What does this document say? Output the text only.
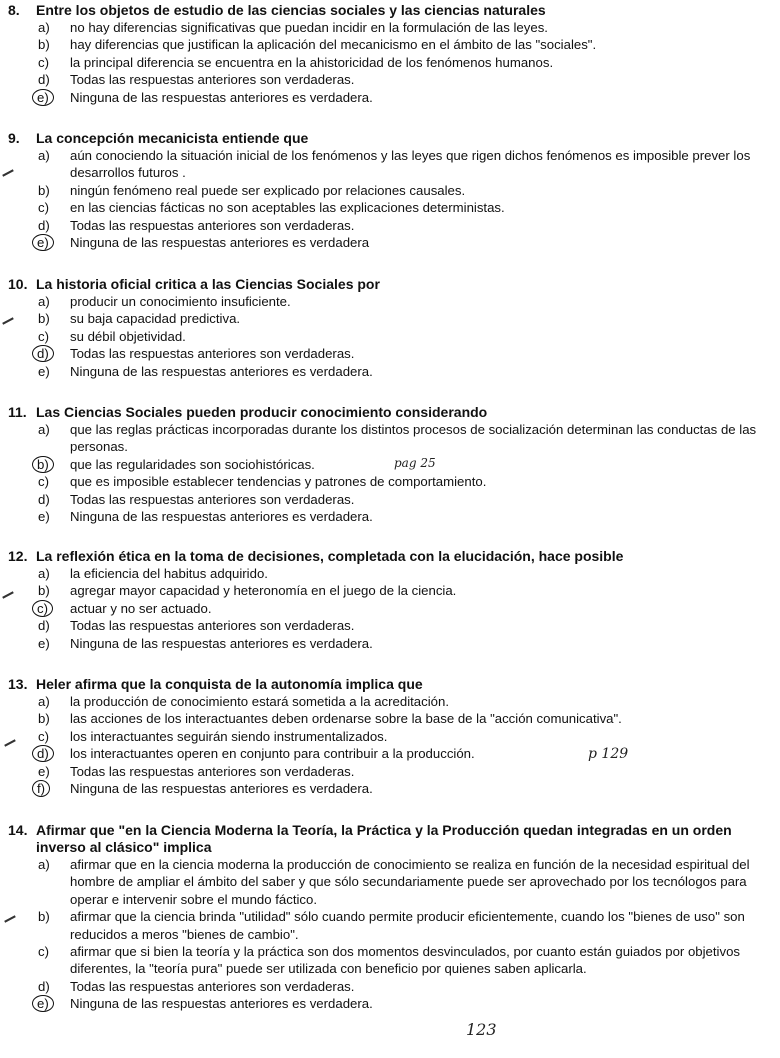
8.	Entre los objetos de estudio de las ciencias sociales y las ciencias naturales
a)	no hay diferencias significativas que puedan incidir en la formulación de las leyes.
b)	hay diferencias que justifican la aplicación del mecanicismo en el ámbito de las "sociales".
c)	la principal diferencia se encuentra en la ahistoricidad de los fenómenos humanos.
d)	Todas las respuestas anteriores son verdaderas.
e)	Ninguna de las respuestas anteriores es verdadera.
9.	La concepción mecanicista entiende que
a)	aún conociendo la situación inicial de los fenómenos y las leyes que rigen dichos fenómenos es imposible prever los desarrollos futuros .
b)	ningún fenómeno real puede ser explicado por relaciones causales.
c)	en las ciencias fácticas no son aceptables las explicaciones deterministas.
d)	Todas las respuestas anteriores son verdaderas.
e)	Ninguna de las respuestas anteriores es verdadera
10. La historia oficial critica a las Ciencias Sociales por
a)	producir un conocimiento insuficiente.
b)	su baja capacidad predictiva.
c)	su débil objetividad.
d)	Todas las respuestas anteriores son verdaderas.
e)	Ninguna de las respuestas anteriores es verdadera.
11. Las Ciencias Sociales pueden producir conocimiento considerando
a)	que las reglas prácticas incorporadas durante los distintos procesos de socialización determinan las conductas de las personas.
b)	que las regularidades son sociohistóricas.
c)	que es imposible establecer tendencias y patrones de comportamiento.
d)	Todas las respuestas anteriores son verdaderas.
e)	Ninguna de las respuestas anteriores es verdadera.
12. La reflexión ética en la toma de decisiones, completada con la elucidación, hace posible
a)	la eficiencia del habitus adquirido.
b)	agregar mayor capacidad y heteronomía en el juego de la ciencia.
c)	actuar y no ser actuado.
d)	Todas las respuestas anteriores son verdaderas.
e)	Ninguna de las respuestas anteriores es verdadera.
13. Heler afirma que la conquista de la autonomía implica que
a)	la producción de conocimiento estará sometida a la acreditación.
b)	las acciones de los interactuantes deben ordenarse sobre la base de la "acción comunicativa".
c)	los interactuantes seguirán siendo instrumentalizados.
d)	los interactuantes operen en conjunto para contribuir a la producción.
e)	Todas las respuestas anteriores son verdaderas.
f)	Ninguna de las respuestas anteriores es verdadera.
14. Afirmar que "en la Ciencia Moderna la Teoría, la Práctica y la Producción quedan integradas en un orden inverso al clásico" implica
a)	afirmar que en la ciencia moderna la producción de conocimiento se realiza en función de la necesidad espiritual del hombre de ampliar el ámbito del saber y que sólo secundariamente puede ser aprovechado por los tecnólogos para operar e intervenir sobre el mundo fáctico.
b)	afirmar que la ciencia brinda "utilidad" sólo cuando permite producir eficientemente, cuando los "bienes de uso" son reducidos a meros "bienes de cambio".
c)	afirmar que si bien la teoría y la práctica son dos momentos desvinculados, por cuanto están guiados por objetivos diferentes, la "teoría pura" puede ser utilizada con beneficio por quienes saben aplicarla.
d)	Todas las respuestas anteriores son verdaderas.
e)	Ninguna de las respuestas anteriores es verdadera.
pag 25
p 129
123
